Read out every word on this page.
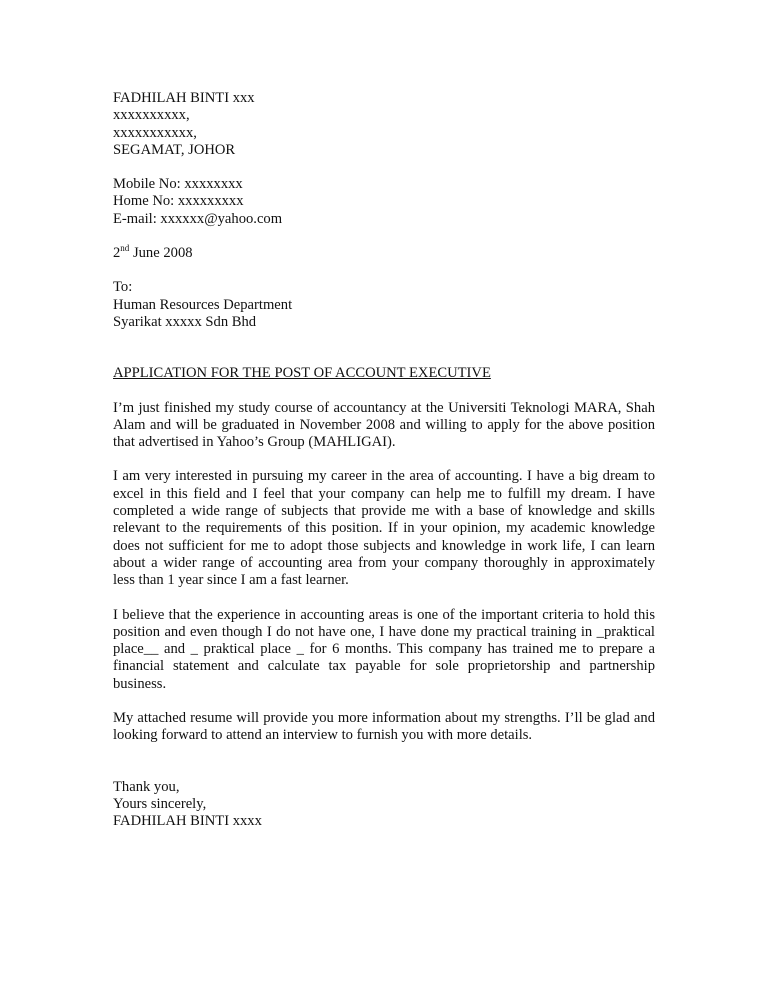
FADHILAH BINTI xxx
xxxxxxxxxx,
xxxxxxxxxxx,
SEGAMAT, JOHOR
Mobile No: xxxxxxxx
Home No: xxxxxxxxx
E-mail: xxxxxx@yahoo.com
2nd June 2008
To:
Human Resources Department
Syarikat xxxxx Sdn Bhd
APPLICATION FOR THE POST OF ACCOUNT EXECUTIVE

I’m just finished my study course of accountancy at the Universiti Teknologi MARA, Shah Alam and will be graduated in November 2008 and willing to apply for the above position that advertised in Yahoo’s Group (MAHLIGAI).

I am very interested in pursuing my career in the area of accounting. I have a big dream to excel in this field and I feel that your company can help me to fulfill my dream. I have completed a wide range of subjects that provide me with a base of knowledge and skills relevant to the requirements of this position. If in your opinion, my academic knowledge does not sufficient for me to adopt those subjects and knowledge in work life, I can learn about a wider range of accounting area from your company thoroughly in approximately less than 1 year since I am a fast learner.

I believe that the experience in accounting areas is one of the important criteria to hold this position and even though I do not have one, I have done my practical training in _praktical place__ and _ praktical place _ for 6 months. This company has trained me to prepare a financial statement and calculate tax payable for sole proprietorship and partnership business.

My attached resume will provide you more information about my strengths. I’ll be glad and looking forward to attend an interview to furnish you with more details.

Thank you,
Yours sincerely,
FADHILAH BINTI xxxx
